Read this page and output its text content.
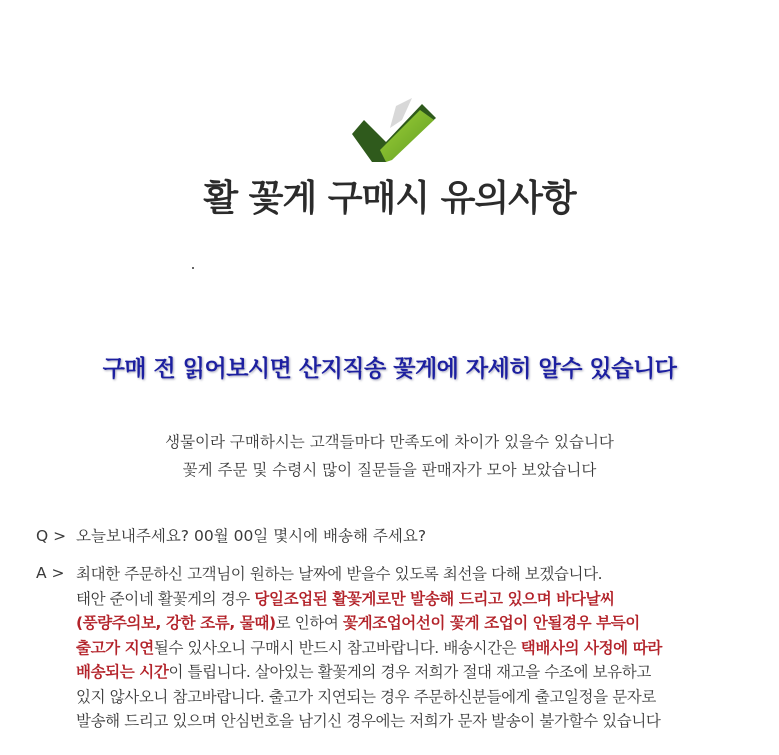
활 꽃게 구매시 유의사항
구매 전 읽어보시면 산지직송 꽃게에 자세히 알수 있습니다
생물이라 구매하시는 고객들마다 만족도에 차이가 있을수 있습니다
꽃게 주문 및 수령시 많이 질문들을 판매자가 모아 보았습니다
Q > 오늘보내주세요? 00월 00일 몇시에 배송해 주세요?
A > 최대한 주문하신 고객님이 원하는 날짜에 받을수 있도록 최선을 다해 보겠습니다.
태안 준이네 활꽃게의 경우 당일조업된 활꽃게로만 발송해 드리고 있으며 바다날씨
(풍량주의보, 강한 조류, 물때)로 인하여 꽃게조업어선이 꽃게 조업이 안될경우 부득이
출고가 지연될수 있사오니 구매시 반드시 참고바랍니다. 배송시간은 택배사의 사정에 따라
배송되는 시간이 틀립니다. 살아있는 활꽃게의 경우 저희가 절대 재고을 수조에 보유하고
있지 않사오니 참고바랍니다. 출고가 지연되는 경우 주문하신분들에게 출고일정을 문자로
발송해 드리고 있으며 안심번호을 남기신 경우에는 저희가 문자 발송이 불가할수 있습니다
